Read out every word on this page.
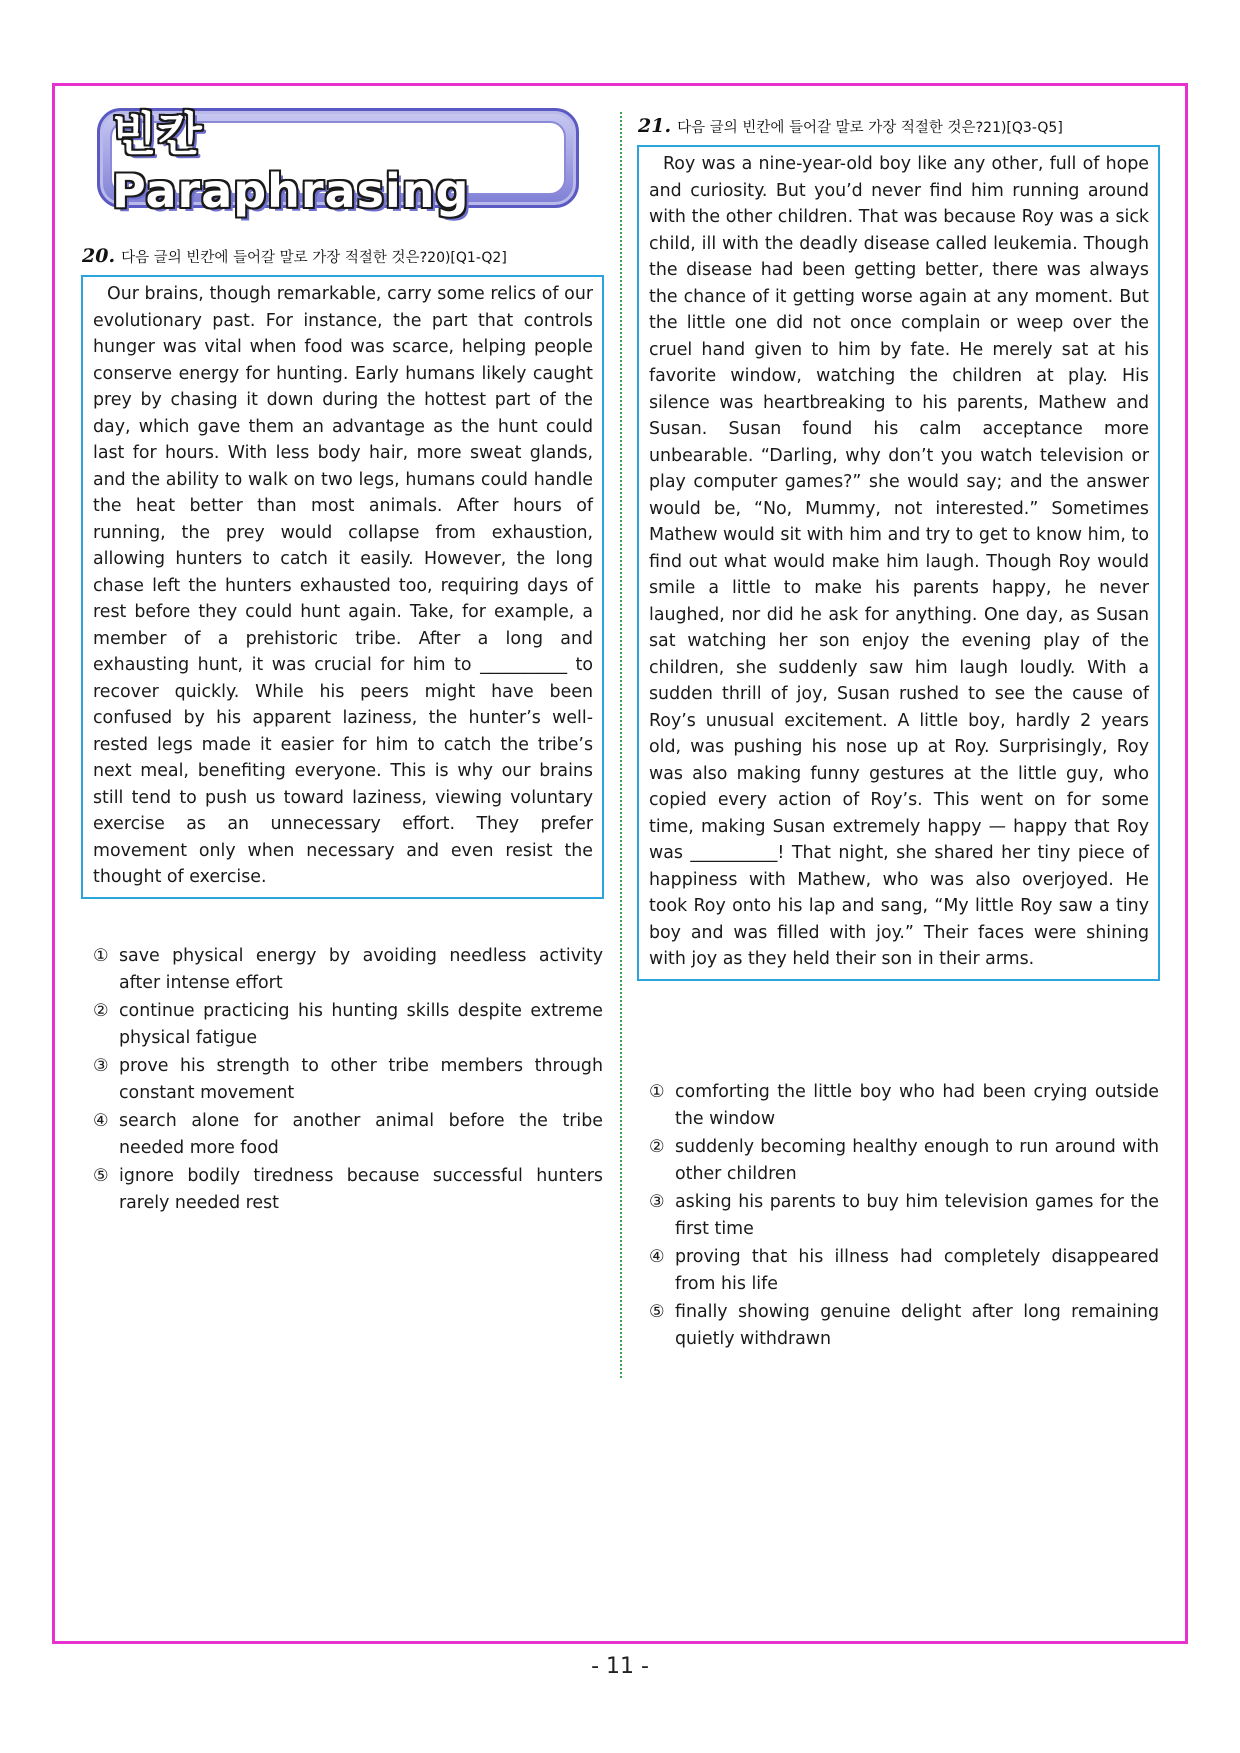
빈칸 Paraphrasing
20. 다음 글의 빈칸에 들어갈 말로 가장 적절한 것은?20)[Q1-Q2]

Our brains, though remarkable, carry some relics of our evolutionary past. For instance, the part that controls hunger was vital when food was scarce, helping people conserve energy for hunting. Early humans likely caught prey by chasing it down during the hottest part of the day, which gave them an advantage as the hunt could last for hours. With less body hair, more sweat glands, and the ability to walk on two legs, humans could handle the heat better than most animals. After hours of running, the prey would collapse from exhaustion, allowing hunters to catch it easily. However, the long chase left the hunters exhausted too, requiring days of rest before they could hunt again. Take, for example, a member of a prehistoric tribe. After a long and exhausting hunt, it was crucial for him to __________ to recover quickly. While his peers might have been confused by his apparent laziness, the hunter’s well-rested legs made it easier for him to catch the tribe’s next meal, benefiting everyone. This is why our brains still tend to push us toward laziness, viewing voluntary exercise as an unnecessary effort. They prefer movement only when necessary and even resist the thought of exercise.

① save physical energy by avoiding needless activity after intense effort
② continue practicing his hunting skills despite extreme physical fatigue
③ prove his strength to other tribe members through constant movement
④ search alone for another animal before the tribe needed more food
⑤ ignore bodily tiredness because successful hunters rarely needed rest
21. 다음 글의 빈칸에 들어갈 말로 가장 적절한 것은?21)[Q3-Q5]

Roy was a nine-year-old boy like any other, full of hope and curiosity. But you’d never find him running around with the other children. That was because Roy was a sick child, ill with the deadly disease called leukemia. Though the disease had been getting better, there was always the chance of it getting worse again at any moment. But the little one did not once complain or weep over the cruel hand given to him by fate. He merely sat at his favorite window, watching the children at play. His silence was heartbreaking to his parents, Mathew and Susan. Susan found his calm acceptance more unbearable. “Darling, why don’t you watch television or play computer games?” she would say; and the answer would be, “No, Mummy, not interested.” Sometimes Mathew would sit with him and try to get to know him, to find out what would make him laugh. Though Roy would smile a little to make his parents happy, he never laughed, nor did he ask for anything. One day, as Susan sat watching her son enjoy the evening play of the children, she suddenly saw him laugh loudly. With a sudden thrill of joy, Susan rushed to see the cause of Roy’s unusual excitement. A little boy, hardly 2 years old, was pushing his nose up at Roy. Surprisingly, Roy was also making funny gestures at the little guy, who copied every action of Roy’s. This went on for some time, making Susan extremely happy — happy that Roy was __________! That night, she shared her tiny piece of happiness with Mathew, who was also overjoyed. He took Roy onto his lap and sang, “My little Roy saw a tiny boy and was filled with joy.” Their faces were shining with joy as they held their son in their arms.

① comforting the little boy who had been crying outside the window
② suddenly becoming healthy enough to run around with other children
③ asking his parents to buy him television games for the first time
④ proving that his illness had completely disappeared from his life
⑤ finally showing genuine delight after long remaining quietly withdrawn
- 11 -
